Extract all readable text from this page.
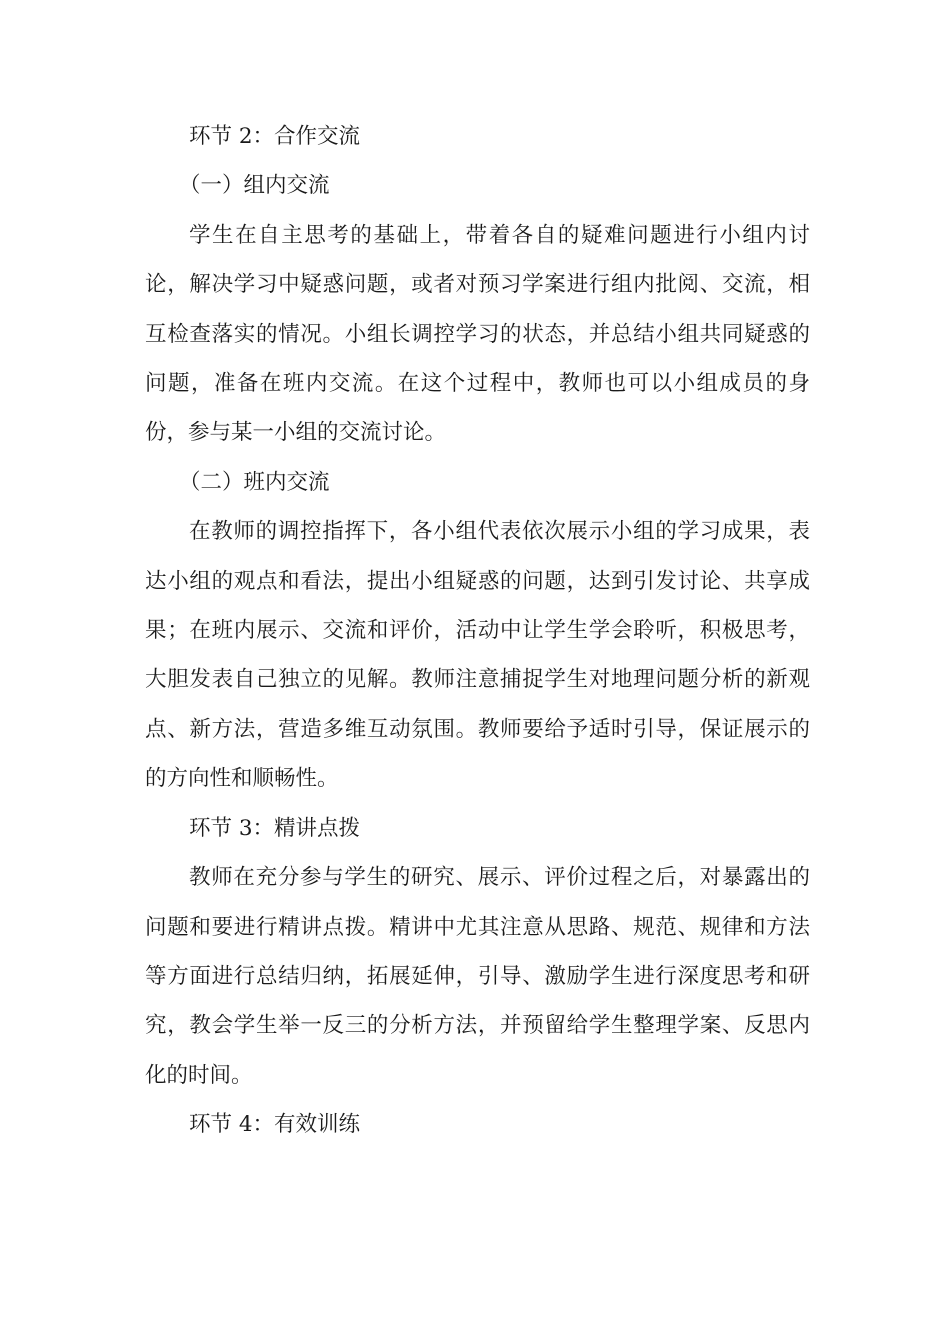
环节 2：合作交流

（一）组内交流

学生在自主思考的基础上，带着各自的疑难问题进行小组内讨论，解决学习中疑惑问题，或者对预习学案进行组内批阅、交流，相互检查落实的情况。小组长调控学习的状态，并总结小组共同疑惑的问题，准备在班内交流。在这个过程中，教师也可以小组成员的身份，参与某一小组的交流讨论。

（二）班内交流

在教师的调控指挥下，各小组代表依次展示小组的学习成果，表达小组的观点和看法，提出小组疑惑的问题，达到引发讨论、共享成果；在班内展示、交流和评价，活动中让学生学会聆听，积极思考，大胆发表自己独立的见解。教师注意捕捉学生对地理问题分析的新观点、新方法，营造多维互动氛围。教师要给予适时引导，保证展示的的方向性和顺畅性。

环节 3：精讲点拨

教师在充分参与学生的研究、展示、评价过程之后，对暴露出的问题和要进行精讲点拨。精讲中尤其注意从思路、规范、规律和方法等方面进行总结归纳，拓展延伸，引导、激励学生进行深度思考和研究，教会学生举一反三的分析方法，并预留给学生整理学案、反思内化的时间。

环节 4：有效训练
